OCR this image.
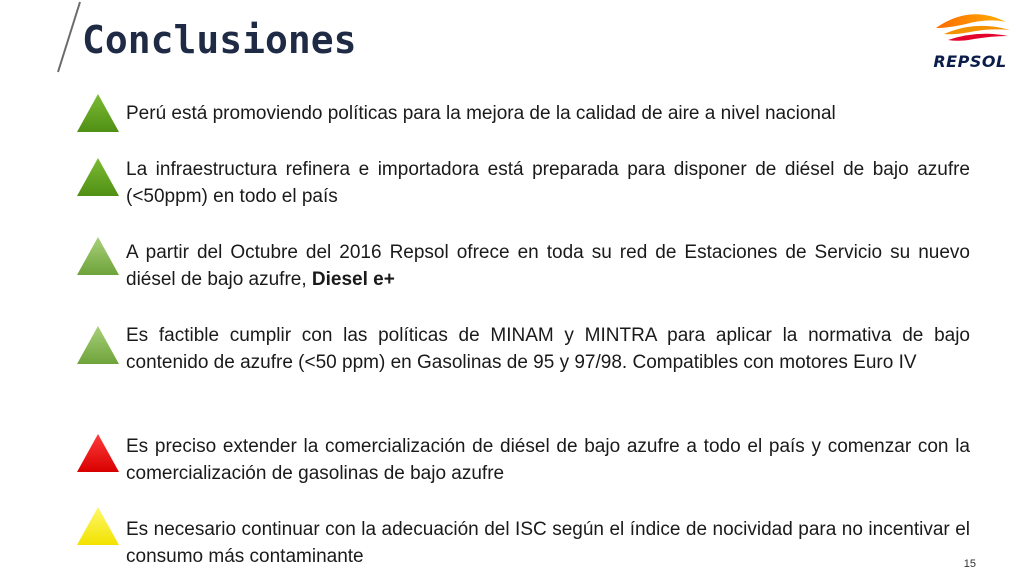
Conclusiones	REPSOL

Perú está promoviendo políticas para la mejora de la calidad de aire a nivel nacional

La infraestructura refinera e importadora está preparada para disponer de diésel de bajo azufre (<50ppm) en todo el país

A partir del Octubre del 2016 Repsol ofrece en toda su red de Estaciones de Servicio su nuevo diésel de bajo azufre, Diesel e+

Es factible cumplir con las políticas de MINAM y MINTRA para aplicar la normativa de bajo contenido de azufre (<50 ppm) en Gasolinas de 95 y 97/98. Compatibles con motores Euro IV

Es preciso extender la comercialización de diésel de bajo azufre a todo el país y comenzar con la comercialización de gasolinas de bajo azufre

Es necesario continuar con la adecuación del ISC según el índice de nocividad para no incentivar el consumo más contaminante	15
